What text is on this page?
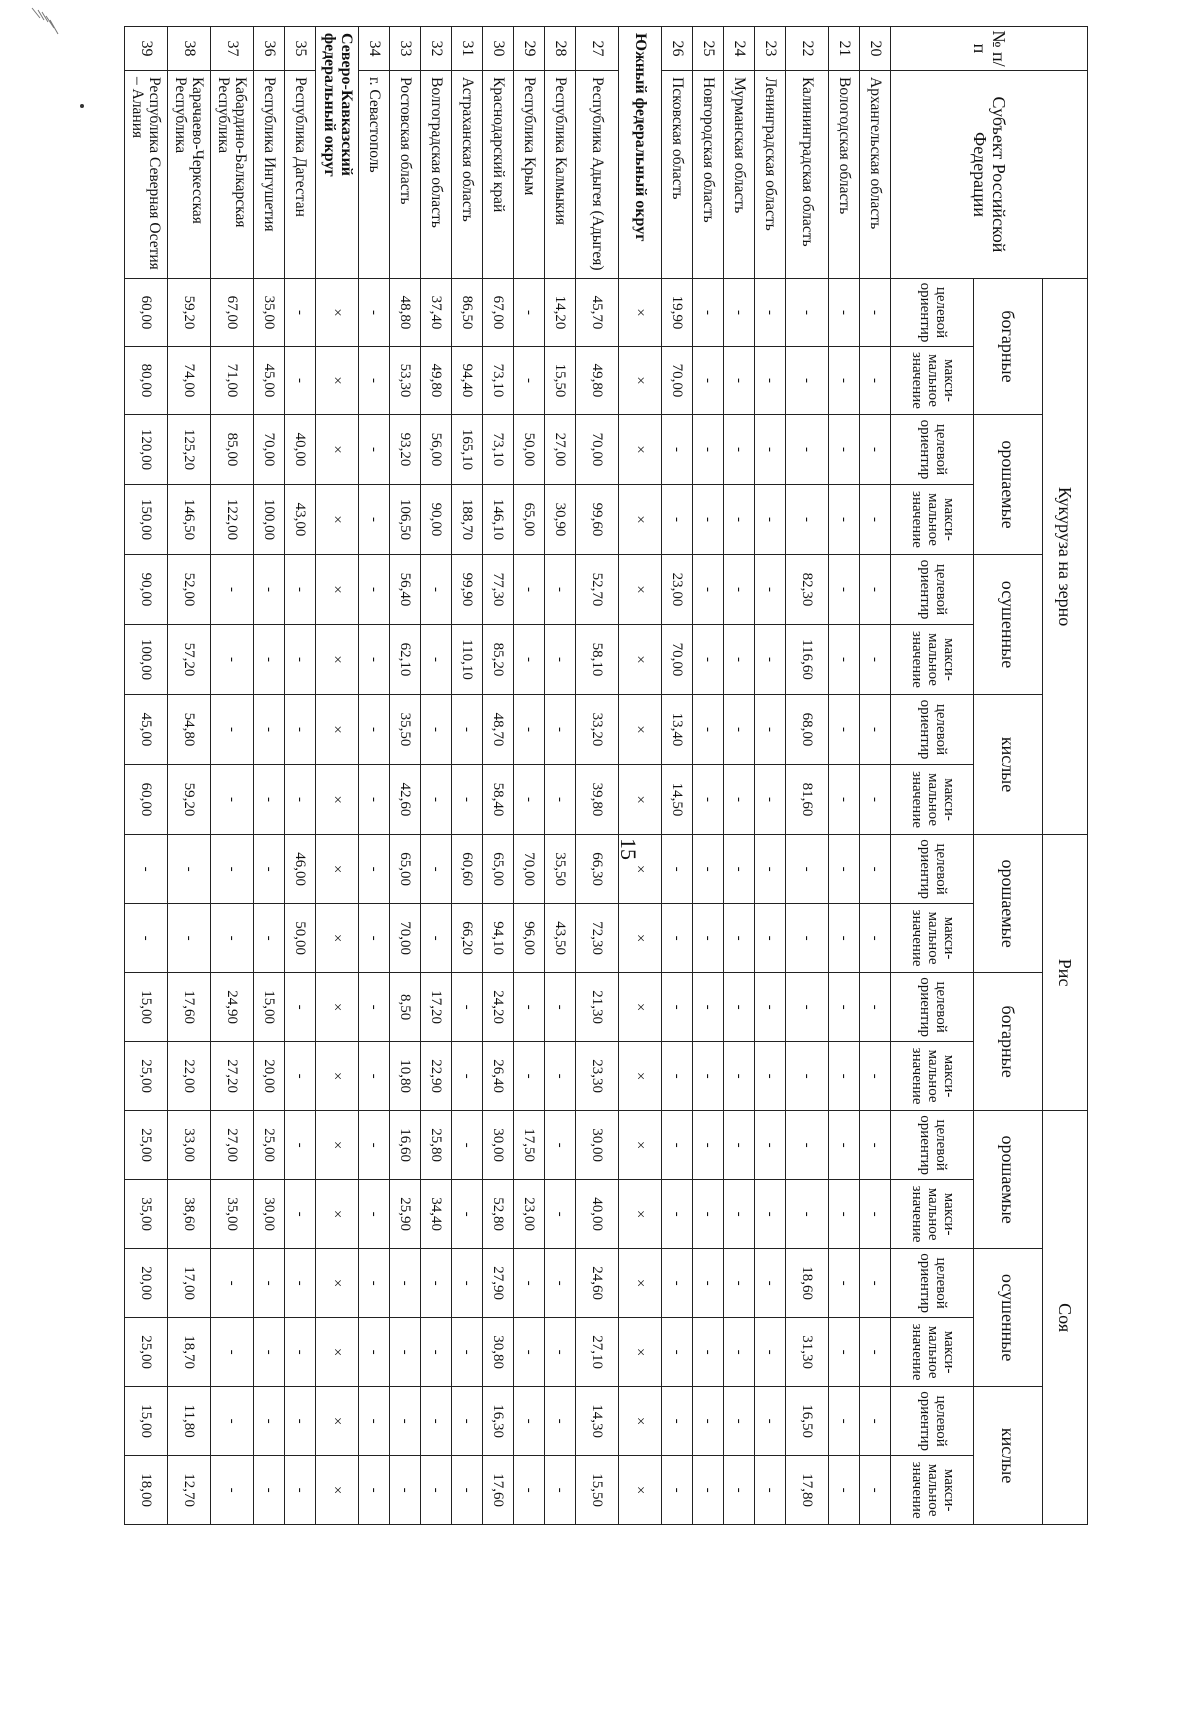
15
№ п/п	Субъект Российской Федерации	Кукуруза на зерно								Рис				Соя					
		богарные		орошаемые		осушенные		кислые		орошаемые		богарные		орошаемые		осушенные		кислые	
		целевой ориентир	макси-мальное значение	целевой ориентир	макси-мальное значение	целевой ориентир	макси-мальное значение	целевой ориентир	макси-мальное значение	целевой ориентир	макси-мальное значение	целевой ориентир	макси-мальное значение	целевой ориентир	макси-мальное значение	целевой ориентир	макси-мальное значение	целевой ориентир	макси-мальное значение
20	Архангельская область	-	-	-	-	-	-	-	-	-	-	-	-	-	-	-	-	-	-
21	Вологодская область	-	-	-	-	-	-	-	-	-	-	-	-	-	-	-	-	-	-
22	Калининградская область	-	-	-	-	82,30	116,60	68,00	81,60	-	-	-	-	-	-	18,60	31,30	16,50	17,80
23	Ленинградская область	-	-	-	-	-	-	-	-	-	-	-	-	-	-	-	-	-	-
24	Мурманская область	-	-	-	-	-	-	-	-	-	-	-	-	-	-	-	-	-	-
25	Новгородская область	-	-	-	-	-	-	-	-	-	-	-	-	-	-	-	-	-	-
26	Псковская область	19,90	70,00	-	-	23,00	70,00	13,40	14,50	-	-	-	-	-	-	-	-	-	-
Южный федеральный округ		×	×	×	×	×	×	×	×	×	×	×	×	×	×	×	×	×	×
27	Республика Адыгея (Адыгея)	45,70	49,80	70,00	99,60	52,70	58,10	33,20	39,80	66,30	72,30	21,30	23,30	30,00	40,00	24,60	27,10	14,30	15,50
28	Республика Калмыкия	14,20	15,50	27,00	30,90	-	-	-	-	35,50	43,50	-	-	-	-	-	-	-	-
29	Республика Крым	-	-	50,00	65,00	-	-	-	-	70,00	96,00	-	-	17,50	23,00	-	-	-	-
30	Краснодарский край	67,00	73,10	73,10	146,10	77,30	85,20	48,70	58,40	65,00	94,10	24,20	26,40	30,00	52,80	27,90	30,80	16,30	17,60
31	Астраханская область	86,50	94,40	165,10	188,70	99,90	110,10	-	-	60,60	66,20	-	-	-	-	-	-	-	-
32	Волгоградская область	37,40	49,80	56,00	90,00	-	-	-	-	-	-	17,20	22,90	25,80	34,40	-	-	-	-
33	Ростовская область	48,80	53,30	93,20	106,50	56,40	62,10	35,50	42,60	65,00	70,00	8,50	10,80	16,60	25,90	-	-	-	-
34	г. Севастополь	-	-	-	-	-	-	-	-	-	-	-	-	-	-	-	-	-	-
Северо-Кавказский федеральный округ		×	×	×	×	×	×	×	×	×	×	×	×	×	×	×	×	×	×
35	Республика Дагестан	-	-	40,00	43,00	-	-	-	-	46,00	50,00	-	-	-	-	-	-	-	-
36	Республика Ингушетия	35,00	45,00	70,00	100,00	-	-	-	-	-	-	15,00	20,00	25,00	30,00	-	-	-	-
37	Кабардино-Балкарская Республика	67,00	71,00	85,00	122,00	-	-	-	-	-	-	24,90	27,20	27,00	35,00	-	-	-	-
38	Карачаево-Черкесская Республика	59,20	74,00	125,20	146,50	52,00	57,20	54,80	59,20	-	-	17,60	22,00	33,00	38,60	17,00	18,70	11,80	12,70
39	Республика Северная Осетия – Алания	60,00	80,00	120,00	150,00	90,00	100,00	45,00	60,00	-	-	15,00	25,00	25,00	35,00	20,00	25,00	15,00	18,00
